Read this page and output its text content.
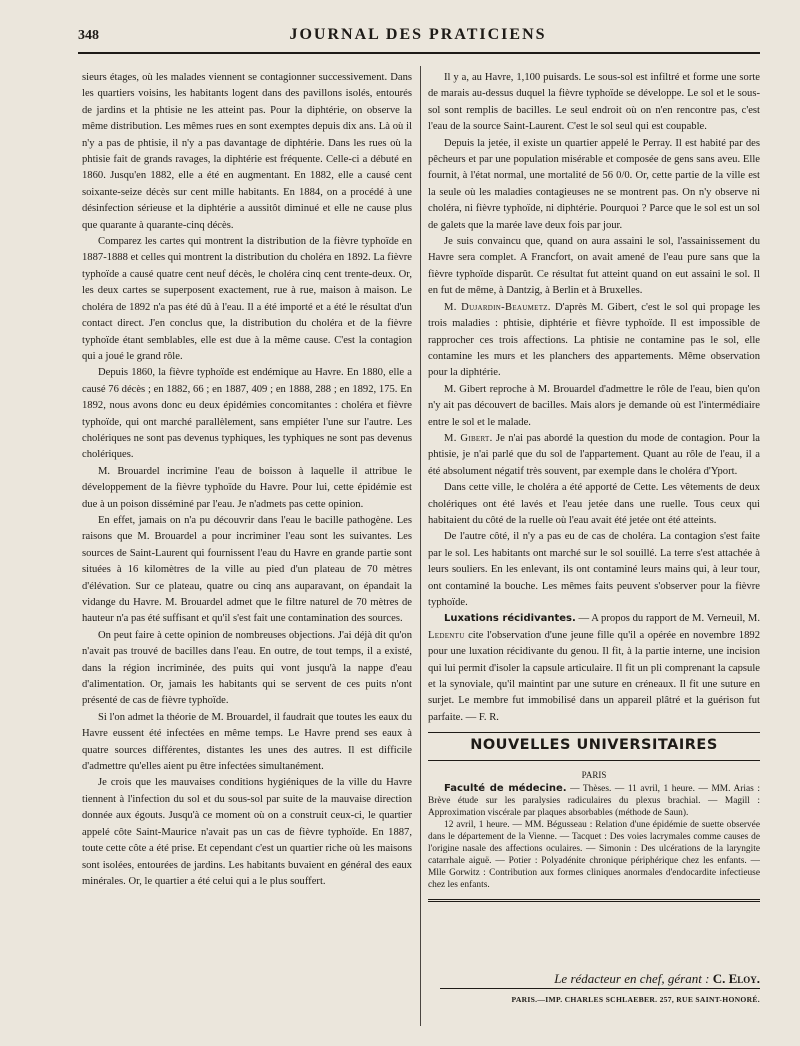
348	JOURNAL DES PRATICIENS

sieurs étages, où les malades viennent se contagionner successivement. Dans les quartiers voisins, les habitants logent dans des pavillons isolés, entourés de jardins et la phtisie ne les atteint pas. Pour la diphtérie, on observe la même distribution. Les mêmes rues en sont exemptes depuis dix ans. Là où il n'y a pas de phtisie, il n'y a pas davantage de diphtérie. Dans les rues où la phtisie fait de grands ravages, la diphtérie est fréquente. Celle-ci a débuté en 1860. Jusqu'en 1882, elle a été en augmentant. En 1882, elle a causé cent soixante-seize décès sur cent mille habitants. En 1884, on a procédé à une désinfection sérieuse et la diphtérie a aussitôt diminué et elle ne cause plus que quarante à quarante-cinq décès.

Comparez les cartes qui montrent la distribution de la fièvre typhoïde en 1887-1888 et celles qui montrent la distribution du choléra en 1892. La fièvre typhoïde a causé quatre cent neuf décès, le choléra cinq cent trente-deux. Or, les deux cartes se superposent exactement, rue à rue, maison à maison. Le choléra de 1892 n'a pas été dû à l'eau. Il a été importé et a été le résultat d'un contact direct. J'en conclus que, la distribution du choléra et de la fièvre typhoïde étant semblables, elle est due à la même cause. C'est la contagion qui a joué le grand rôle.

Depuis 1860, la fièvre typhoïde est endémique au Havre. En 1880, elle a causé 76 décès ; en 1882, 66 ; en 1887, 409 ; en 1888, 288 ; en 1892, 175. En 1892, nous avons donc eu deux épidémies concomitantes : choléra et fièvre typhoïde, qui ont marché parallèlement, sans empiéter l'une sur l'autre. Les cholériques ne sont pas devenus typhiques, les typhiques ne sont pas devenus cholériques.

M. Brouardel incrimine l'eau de boisson à laquelle il attribue le développement de la fièvre typhoïde du Havre. Pour lui, cette épidémie est due à un poison disséminé par l'eau. Je n'admets pas cette opinion.

En effet, jamais on n'a pu découvrir dans l'eau le bacille pathogène. Les raisons que M. Brouardel a pour incriminer l'eau sont les suivantes. Les sources de Saint-Laurent qui fournissent l'eau du Havre en grande partie sont situées à 16 kilomètres de la ville au pied d'un plateau de 70 mètres d'élévation. Sur ce plateau, quatre ou cinq ans auparavant, on épandait la vidange du Havre. M. Brouardel admet que le filtre naturel de 70 mètres de hauteur n'a pas été suffisant et qu'il s'est fait une contamination des sources.

On peut faire à cette opinion de nombreuses objections. J'ai déjà dit qu'on n'avait pas trouvé de bacilles dans l'eau. En outre, de tout temps, il a existé, dans la région incriminée, des puits qui vont jusqu'à la nappe d'eau d'alimentation. Or, jamais les habitants qui se servent de ces puits n'ont présenté de cas de fièvre typhoïde.

Si l'on admet la théorie de M. Brouardel, il faudrait que toutes les eaux du Havre eussent été infectées en même temps. Le Havre prend ses eaux à quatre sources différentes, distantes les unes des autres. Il est difficile d'admettre qu'elles aient pu être infectées simultanément.

Je crois que les mauvaises conditions hygiéniques de la ville du Havre tiennent à l'infection du sol et du sous-sol par suite de la mauvaise direction donnée aux égouts. Jusqu'à ce moment où on a construit ceux-ci, le quartier appelé côte Saint-Maurice n'avait pas un cas de fièvre typhoïde. En 1887, toute cette côte a été prise. Et cependant c'est un quartier riche où les maisons sont isolées, entourées de jardins. Les habitants buvaient en général des eaux minérales. Or, le quartier a été celui qui a le plus souffert.

Il y a, au Havre, 1,100 puisards. Le sous-sol est infiltré et forme une sorte de marais au-dessus duquel la fièvre typhoïde se développe. Le sol et le sous-sol sont remplis de bacilles. Le seul endroit où on n'en rencontre pas, c'est l'eau de la source Saint-Laurent. C'est le sol seul qui est coupable.

Depuis la jetée, il existe un quartier appelé le Perray. Il est habité par des pêcheurs et par une population misérable et composée de gens sans aveu. Elle fournit, à l'état normal, une mortalité de 56 0/0. Or, cette partie de la ville est la seule où les maladies contagieuses ne se montrent pas. On n'y observe ni choléra, ni fièvre typhoïde, ni diphtérie. Pourquoi ? Parce que le sol est un sol de galets que la marée lave deux fois par jour.

Je suis convaincu que, quand on aura assaini le sol, l'assainissement du Havre sera complet. A Francfort, on avait amené de l'eau pure sans que la fièvre typhoïde disparût. Ce résultat fut atteint quand on eut assaini le sol. Il en fut de même, à Dantzig, à Berlin et à Bruxelles.

M. Dujardin-Beaumetz. D'après M. Gibert, c'est le sol qui propage les trois maladies : phtisie, diphtérie et fièvre typhoïde. Il est impossible de rapprocher ces trois affections. La phtisie ne contamine pas le sol, elle contamine les murs et les planchers des appartements. Même observation pour la diphtérie.

M. Gibert reproche à M. Brouardel d'admettre le rôle de l'eau, bien qu'on n'y ait pas découvert de bacilles. Mais alors je demande où est l'intermédiaire entre le sol et le malade.

M. Gibert. Je n'ai pas abordé la question du mode de contagion. Pour la phtisie, je n'ai parlé que du sol de l'appartement. Quant au rôle de l'eau, il a été absolument négatif très souvent, par exemple dans le choléra d'Yport.

Dans cette ville, le choléra a été apporté de Cette. Les vêtements de deux cholériques ont été lavés et l'eau jetée dans une ruelle. Tous ceux qui habitaient du côté de la ruelle où l'eau avait été jetée ont été atteints.

De l'autre côté, il n'y a pas eu de cas de choléra. La contagion s'est faite par le sol. Les habitants ont marché sur le sol souillé. La terre s'est attachée à leurs souliers. En les enlevant, ils ont contaminé leurs mains qui, à leur tour, ont contaminé la bouche. Les mêmes faits peuvent s'observer pour la fièvre typhoïde.

Luxations récidivantes. — A propos du rapport de M. Verneuil, M. Ledentu cite l'observation d'une jeune fille qu'il a opérée en novembre 1892 pour une luxation récidivante du genou. Il fit, à la partie interne, une incision qui lui permit d'isoler la capsule articulaire. Il fit un pli comprenant la capsule et la synoviale, qu'il maintint par une suture en créneaux. Il fit une suture en surjet. Le membre fut immobilisé dans un appareil plâtré et la guérison fut parfaite. — F. R.

NOUVELLES UNIVERSITAIRES
PARIS

Faculté de médecine. — Thèses. — 11 avril, 1 heure. — MM. Arias : Brève étude sur les paralysies radiculaires du plexus brachial. — Magill : Approximation viscérale par plaques absorbables (méthode de Saun).

12 avril, 1 heure. — MM. Bégusseau : Relation d'une épidémie de suette observée dans le département de la Vienne. — Tacquet : Des voies lacrymales comme causes de l'origine nasale des affections oculaires. — Simonin : Des ulcérations de la laryngite catarrhale aiguë. — Potier : Polyadénite chronique périphérique chez les enfants. — Mlle Gorwitz : Contribution aux formes cliniques anormales d'endocardite infectieuse chez les enfants.

Le rédacteur en chef, gérant : C. Eloy.
PARIS.—IMP. CHARLES SCHLAEBER. 257, RUE SAINT-HONORÉ.
